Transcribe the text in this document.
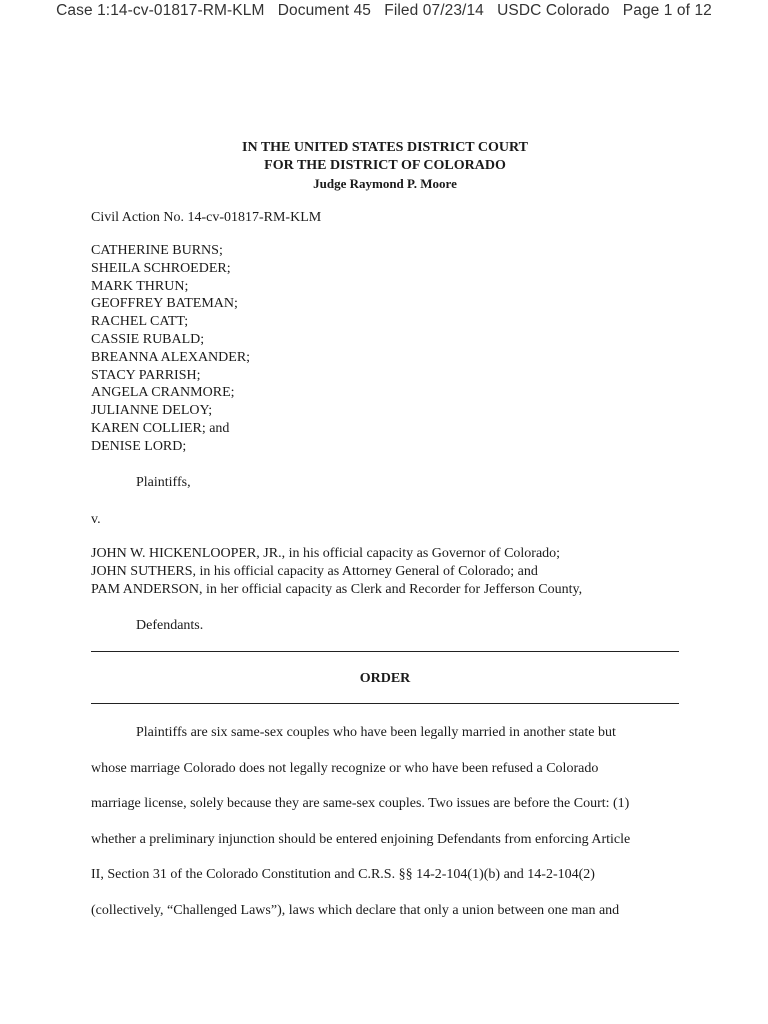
Case 1:14-cv-01817-RM-KLM Document 45 Filed 07/23/14 USDC Colorado Page 1 of 12
IN THE UNITED STATES DISTRICT COURT
FOR THE DISTRICT OF COLORADO
Judge Raymond P. Moore
Civil Action No. 14-cv-01817-RM-KLM
CATHERINE BURNS;
SHEILA SCHROEDER;
MARK THRUN;
GEOFFREY BATEMAN;
RACHEL CATT;
CASSIE RUBALD;
BREANNA ALEXANDER;
STACY PARRISH;
ANGELA CRANMORE;
JULIANNE DELOY;
KAREN COLLIER; and
DENISE LORD;
Plaintiffs,
v.
JOHN W. HICKENLOOPER, JR., in his official capacity as Governor of Colorado;
JOHN SUTHERS, in his official capacity as Attorney General of Colorado; and
PAM ANDERSON, in her official capacity as Clerk and Recorder for Jefferson County,
Defendants.
ORDER
Plaintiffs are six same-sex couples who have been legally married in another state but
whose marriage Colorado does not legally recognize or who have been refused a Colorado
marriage license, solely because they are same-sex couples. Two issues are before the Court: (1)
whether a preliminary injunction should be entered enjoining Defendants from enforcing Article
II, Section 31 of the Colorado Constitution and C.R.S. §§ 14-2-104(1)(b) and 14-2-104(2)
(collectively, “Challenged Laws”), laws which declare that only a union between one man and
